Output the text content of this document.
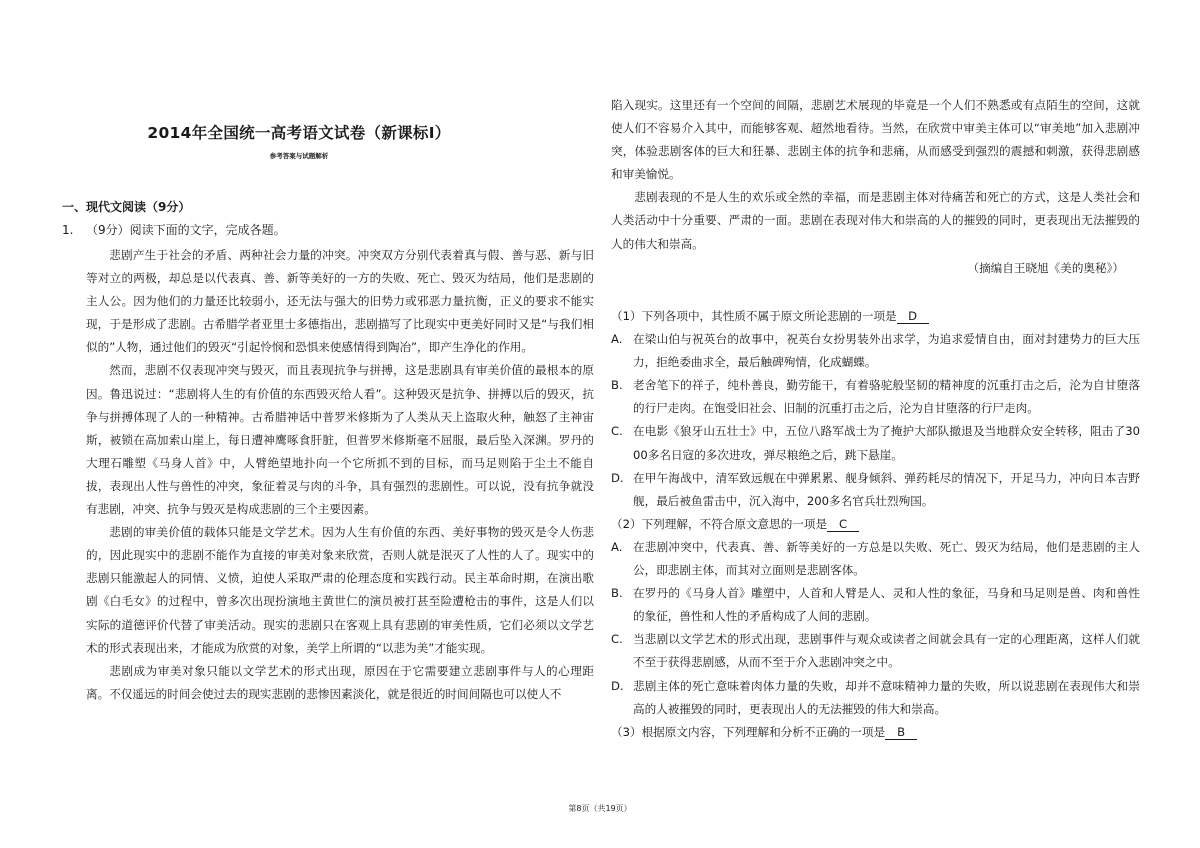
2014年全国统一高考语文试卷（新课标Ⅰ）
参考答案与试题解析
一、现代文阅读（9分）
1. （9分）阅读下面的文字，完成各题。

悲剧产生于社会的矛盾、两种社会力量的冲突。冲突双方分别代表着真与假、善与恶、新与旧等对立的两极，却总是以代表真、善、新等美好的一方的失败、死亡、毁灭为结局，他们是悲剧的主人公。因为他们的力量还比较弱小，还无法与强大的旧势力或邪恶力量抗衡，正义的要求不能实现，于是形成了悲剧。古希腊学者亚里士多德指出，悲剧描写了比现实中更美好同时又是“与我们相似的”人物，通过他们的毁灭“引起怜悯和恐惧来使感情得到陶冶”，即产生净化的作用。

然而，悲剧不仅表现冲突与毁灭，而且表现抗争与拼搏，这是悲剧具有审美价值的最根本的原因。鲁迅说过：“悲剧将人生的有价值的东西毁灭给人看”。这种毁灭是抗争、拼搏以后的毁灭，抗争与拼搏体现了人的一种精神。古希腊神话中普罗米修斯为了人类从天上盗取火种，触怒了主神宙斯，被锁在高加索山崖上，每日遭神鹰啄食肝脏，但普罗米修斯毫不屈服，最后坠入深渊。罗丹的大理石雕塑《马身人首》中，人臂绝望地扑向一个它所抓不到的目标，而马足则陷于尘土不能自拔，表现出人性与兽性的冲突，象征着灵与肉的斗争，具有强烈的悲剧性。可以说，没有抗争就没有悲剧，冲突、抗争与毁灭是构成悲剧的三个主要因素。

悲剧的审美价值的载体只能是文学艺术。因为人生有价值的东西、美好事物的毁灭是令人伤悲的，因此现实中的悲剧不能作为直接的审美对象来欣赏，否则人就是泯灭了人性的人了。现实中的悲剧只能激起人的同情、义愤，迫使人采取严肃的伦理态度和实践行动。民主革命时期，在演出歌剧《白毛女》的过程中，曾多次出现扮演地主黄世仁的演员被打甚至险遭枪击的事件，这是人们以实际的道德评价代替了审美活动。现实的悲剧只在客观上具有悲剧的审美性质，它们必须以文学艺术的形式表现出来，才能成为欣赏的对象，美学上所谓的“以悲为美”才能实现。

悲剧成为审美对象只能以文学艺术的形式出现，原因在于它需要建立悲剧事件与人的心理距离。不仅遥远的时间会使过去的现实悲剧的悲惨因素淡化，就是很近的时间间隔也可以使人不

陷入现实。这里还有一个空间的间隔，悲剧艺术展现的毕竟是一个人们不熟悉或有点陌生的空间，这就使人们不容易介入其中，而能够客观、超然地看待。当然，在欣赏中审美主体可以“审美地”加入悲剧冲突，体验悲剧客体的巨大和狂暴、悲剧主体的抗争和悲痛，从而感受到强烈的震撼和刺激，获得悲剧感和审美愉悦。

悲剧表现的不是人生的欢乐或全然的幸福，而是悲剧主体对待痛苦和死亡的方式，这是人类社会和人类活动中十分重要、严肃的一面。悲剧在表现对伟大和崇高的人的摧毁的同时，更表现出无法摧毁的人的伟大和崇高。

（摘编自王晓旭《美的奥秘》）
（1）下列各项中，其性质不属于原文所论悲剧的一项是 D
A. 在梁山伯与祝英台的故事中，祝英台女扮男装外出求学，为追求爱情自由，面对封建势力的巨大压力，拒绝委曲求全，最后触碑殉情，化成蝴蝶。
B. 老舍笔下的祥子，纯朴善良，勤劳能干，有着骆驼般坚韧的精神度的沉重打击之后，沦为自甘堕落的行尸走肉。在饱受旧社会、旧制的沉重打击之后，沦为自甘堕落的行尸走肉。
C. 在电影《狼牙山五壮士》中，五位八路军战士为了掩护大部队撤退及当地群众安全转移，阻击了3000多名日寇的多次进攻，弹尽粮绝之后，跳下悬崖。
D. 在甲午海战中，清军致远舰在中弹累累、舰身倾斜、弹药耗尽的情况下，开足马力，冲向日本吉野舰，最后被鱼雷击中，沉入海中，200多名官兵壮烈殉国。
（2）下列理解，不符合原文意思的一项是 C
A. 在悲剧冲突中，代表真、善、新等美好的一方总是以失败、死亡、毁灭为结局，他们是悲剧的主人公，即悲剧主体，而其对立面则是悲剧客体。
B. 在罗丹的《马身人首》雕塑中，人首和人臂是人、灵和人性的象征，马身和马足则是兽、肉和兽性的象征，兽性和人性的矛盾构成了人间的悲剧。
C. 当悲剧以文学艺术的形式出现，悲剧事件与观众或读者之间就会具有一定的心理距离，这样人们就不至于获得悲剧感，从而不至于介入悲剧冲突之中。
D. 悲剧主体的死亡意味着肉体力量的失败，却并不意味精神力量的失败，所以说悲剧在表现伟大和崇高的人被摧毁的同时，更表现出人的无法摧毁的伟大和崇高。
（3）根据原文内容，下列理解和分析不正确的一项是 B
第8页（共19页）
